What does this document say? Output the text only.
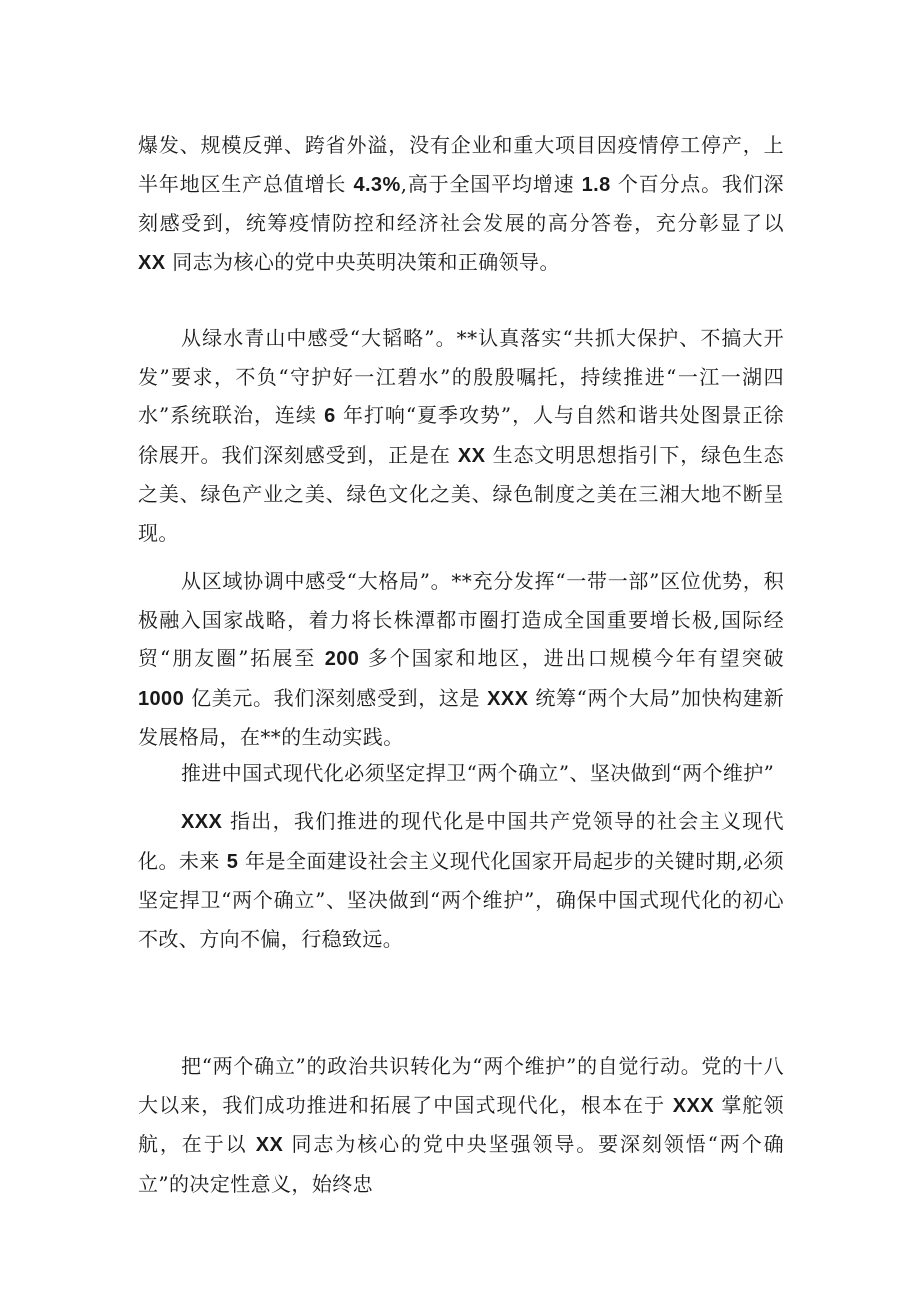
爆发、规模反弹、跨省外溢，没有企业和重大项目因疫情停工停产，上半年地区生产总值增长 4.3%,高于全国平均增速 1.8 个百分点。我们深刻感受到，统筹疫情防控和经济社会发展的高分答卷，充分彰显了以 XX 同志为核心的党中央英明决策和正确领导。

从绿水青山中感受“大韬略”。**认真落实“共抓大保护、不搞大开发”要求，不负“守护好一江碧水”的殷殷嘱托，持续推进“一江一湖四水”系统联治，连续 6 年打响“夏季攻势”，人与自然和谐共处图景正徐徐展开。我们深刻感受到，正是在 XX 生态文明思想指引下，绿色生态之美、绿色产业之美、绿色文化之美、绿色制度之美在三湘大地不断呈现。

从区域协调中感受“大格局”。**充分发挥“一带一部”区位优势，积极融入国家战略，着力将长株潭都市圈打造成全国重要增长极,国际经贸“朋友圈”拓展至 200 多个国家和地区，进出口规模今年有望突破 1000 亿美元。我们深刻感受到，这是 XXX 统筹“两个大局”加快构建新发展格局，在**的生动实践。

推进中国式现代化必须坚定捍卫“两个确立”、坚决做到“两个维护”

XXX 指出，我们推进的现代化是中国共产党领导的社会主义现代化。未来 5 年是全面建设社会主义现代化国家开局起步的关键时期,必须坚定捍卫“两个确立”、坚决做到“两个维护”，确保中国式现代化的初心不改、方向不偏，行稳致远。

把“两个确立”的政治共识转化为“两个维护”的自觉行动。党的十八大以来，我们成功推进和拓展了中国式现代化，根本在于 XXX 掌舵领航，在于以 XX 同志为核心的党中央坚强领导。要深刻领悟“两个确立”的决定性意义，始终忠
